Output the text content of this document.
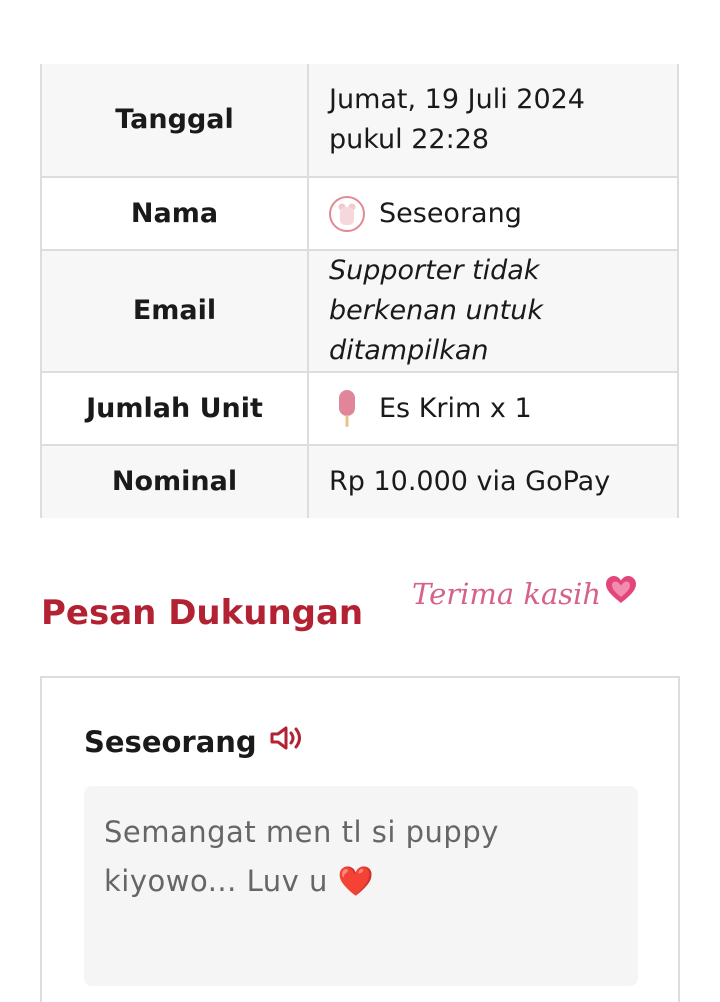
Tanggal	Jumat, 19 Juli 2024 pukul 22:28
Nama	Seseorang

Email	Supporter tidak berkenan untuk ditampilkan
Jumlah Unit	Es Krim x 1

Nominal	Rp 10.000 via GoPay
Pesan Dukungan Terima kasih
Seseorang
Semangat men tl si puppy kiyowo... Luv u ❤️
